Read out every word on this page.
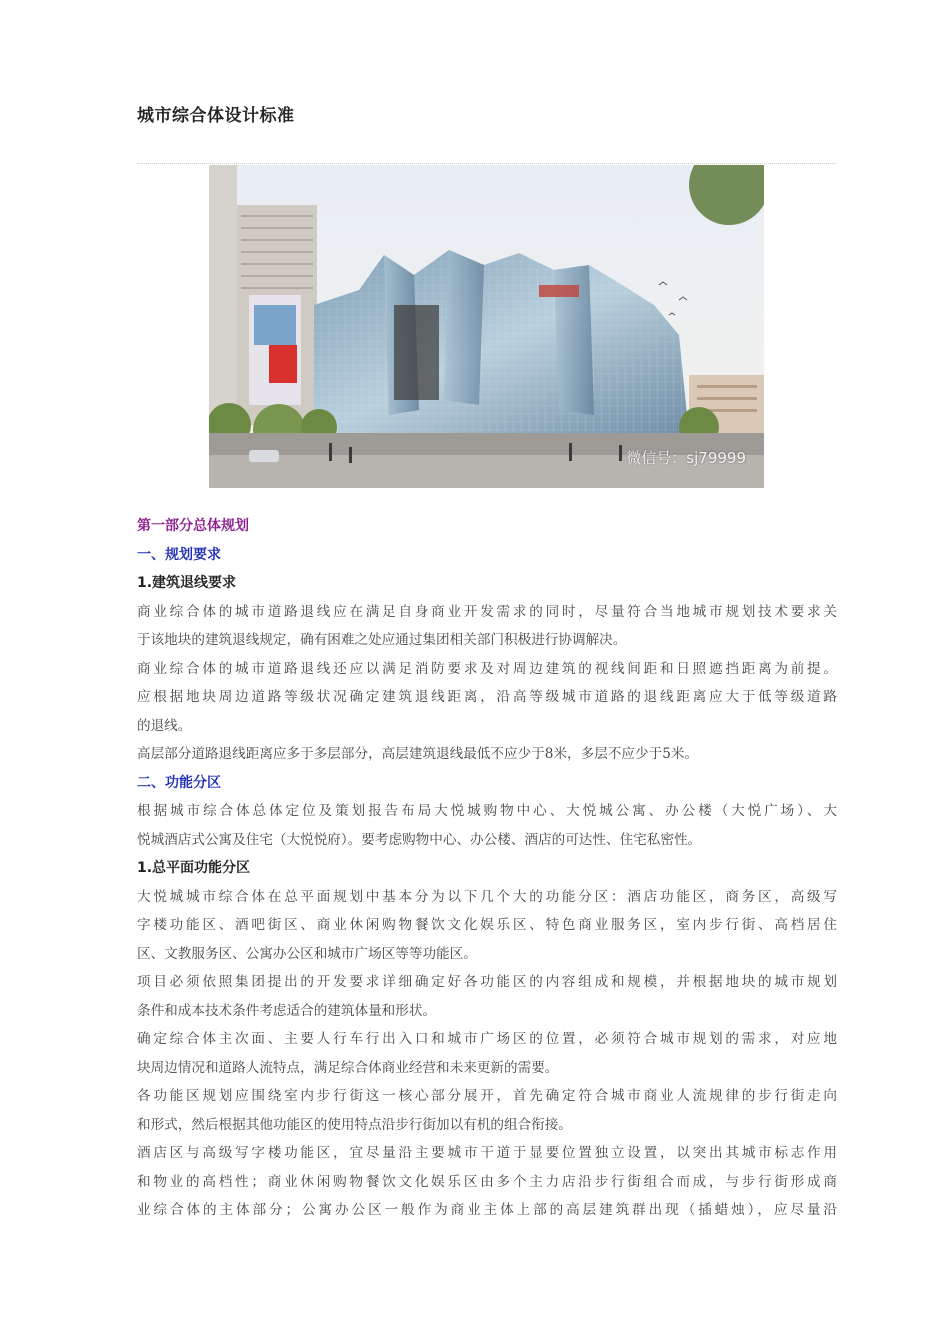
城市综合体设计标准
微信号：sj79999
第一部分总体规划
一、规划要求
1.建筑退线要求
商业综合体的城市道路退线应在满足自身商业开发需求的同时，尽量符合当地城市规划技术要求关
于该地块的建筑退线规定，确有困难之处应通过集团相关部门积极进行协调解决。
商业综合体的城市道路退线还应以满足消防要求及对周边建筑的视线间距和日照遮挡距离为前提。
应根据地块周边道路等级状况确定建筑退线距离，沿高等级城市道路的退线距离应大于低等级道路
的退线。
高层部分道路退线距离应多于多层部分，高层建筑退线最低不应少于8米，多层不应少于5米。
二、功能分区
根据城市综合体总体定位及策划报告布局大悦城购物中心、大悦城公寓、办公楼（大悦广场）、大
悦城酒店式公寓及住宅（大悦悦府）。要考虑购物中心、办公楼、酒店的可达性、住宅私密性。
1.总平面功能分区
大悦城城市综合体在总平面规划中基本分为以下几个大的功能分区：酒店功能区，商务区，高级写
字楼功能区、酒吧街区、商业休闲购物餐饮文化娱乐区、特色商业服务区，室内步行街、高档居住
区、文教服务区、公寓办公区和城市广场区等等功能区。
项目必须依照集团提出的开发要求详细确定好各功能区的内容组成和规模，并根据地块的城市规划
条件和成本技术条件考虑适合的建筑体量和形状。
确定综合体主次面、主要人行车行出入口和城市广场区的位置，必须符合城市规划的需求，对应地
块周边情况和道路人流特点，满足综合体商业经营和未来更新的需要。
各功能区规划应围绕室内步行街这一核心部分展开，首先确定符合城市商业人流规律的步行街走向
和形式，然后根据其他功能区的使用特点沿步行街加以有机的组合衔接。
酒店区与高级写字楼功能区，宜尽量沿主要城市干道于显要位置独立设置，以突出其城市标志作用
和物业的高档性；商业休闲购物餐饮文化娱乐区由多个主力店沿步行街组合而成，与步行街形成商
业综合体的主体部分；公寓办公区一般作为商业主体上部的高层建筑群出现（插蜡烛），应尽量沿
